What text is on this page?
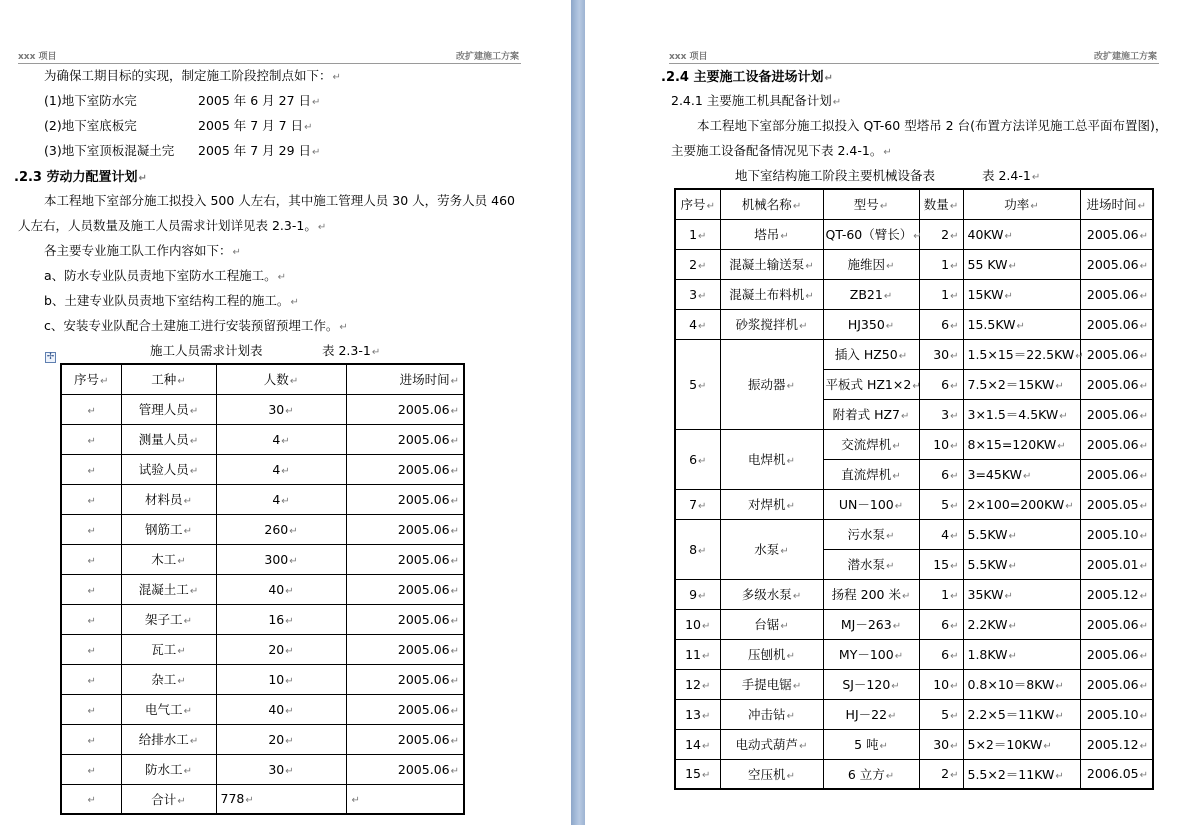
xxx 项目	改扩建施工方案
为确保工期目标的实现，制定施工阶段控制点如下：↵
(1)地下室防水完	2005 年 6 月 27 日↵
(2)地下室底板完	2005 年 7 月 7 日↵
(3)地下室顶板混凝土完 2005 年 7 月 29 日↵
.2.3 劳动力配置计划↵
本工程地下室部分施工拟投入 500 人左右，其中施工管理人员 30 人，劳务人员 460
人左右，人员数量及施工人员需求计划详见表 2.3-1。↵
各主要专业施工队工作内容如下：↵
a、防水专业队员责地下室防水工程施工。↵
b、土建专业队员责地下室结构工程的施工。↵
c、安装专业队配合土建施工进行安装预留预埋工作。↵
✢	施工人员需求计划表	表 2.3-1↵
序号↵	工种↵	人数↵	进场时间↵
↵	管理人员↵	30↵	2005.06↵
↵	测量人员↵	4↵	2005.06↵
↵	试验人员↵	4↵	2005.06↵
↵	材料员↵	4↵	2005.06↵
↵	钢筋工↵	260↵	2005.06↵
↵	木工↵	300↵	2005.06↵
↵	混凝土工↵	40↵	2005.06↵
↵	架子工↵	16↵	2005.06↵
↵	瓦工↵	20↵	2005.06↵
↵	杂工↵	10↵	2005.06↵
↵	电气工↵	40↵	2005.06↵
↵	给排水工↵	20↵	2005.06↵
↵	防水工↵	30↵	2005.06↵
↵	合计↵	778↵	↵
xxx 项目	改扩建施工方案
.2.4 主要施工设备进场计划↵
2.4.1 主要施工机具配备计划↵
本工程地下室部分施工拟投入 QT-60 型塔吊 2 台(布置方法详见施工总平面布置图)，
主要施工设备配备情况见下表 2.4-1。↵
地下室结构施工阶段主要机械设备表	表 2.4-1↵
序号↵	机械名称↵	型号↵	数量↵	功率↵	进场时间↵
1↵	塔吊↵	QT-60（臂长）↵	2↵	40KW↵	2005.06↵
2↵	混凝土输送泵↵	施维因↵	1↵	55 KW↵	2005.06↵
3↵	混凝土布料机↵	ZB21↵	1↵	15KW↵	2005.06↵
4↵	砂浆搅拌机↵	HJ350↵	6↵	15.5KW↵	2005.06↵
5↵	振动器↵	插入 HZ50↵	30↵	1.5×15＝22.5KW↵	2005.06↵
		平板式 HZ1×2↵	6↵	7.5×2＝15KW↵	2005.06↵
		附着式 HZ7↵	3↵	3×1.5＝4.5KW↵	2005.06↵
6↵	电焊机↵	交流焊机↵	10↵	8×15=120KW↵	2005.06↵
		直流焊机↵	6↵	3=45KW↵	2005.06↵
7↵	对焊机↵	UN－100↵	5↵	2×100=200KW↵	2005.05↵
8↵	水泵↵	污水泵↵	4↵	5.5KW↵	2005.10↵
		潜水泵↵	15↵	5.5KW↵	2005.01↵
9↵	多级水泵↵	扬程 200 米↵	1↵	35KW↵	2005.12↵
10↵	台锯↵	MJ－263↵	6↵	2.2KW↵	2005.06↵
11↵	压刨机↵	MY－100↵	6↵	1.8KW↵	2005.06↵
12↵	手提电锯↵	SJ－120↵	10↵	0.8×10＝8KW↵	2005.06↵
13↵	冲击钻↵	HJ－22↵	5↵	2.2×5＝11KW↵	2005.10↵
14↵	电动式葫芦↵	5 吨↵	30↵	5×2＝10KW↵	2005.12↵
15↵	空压机↵	6 立方↵	2↵	5.5×2＝11KW↵	2006.05↵
